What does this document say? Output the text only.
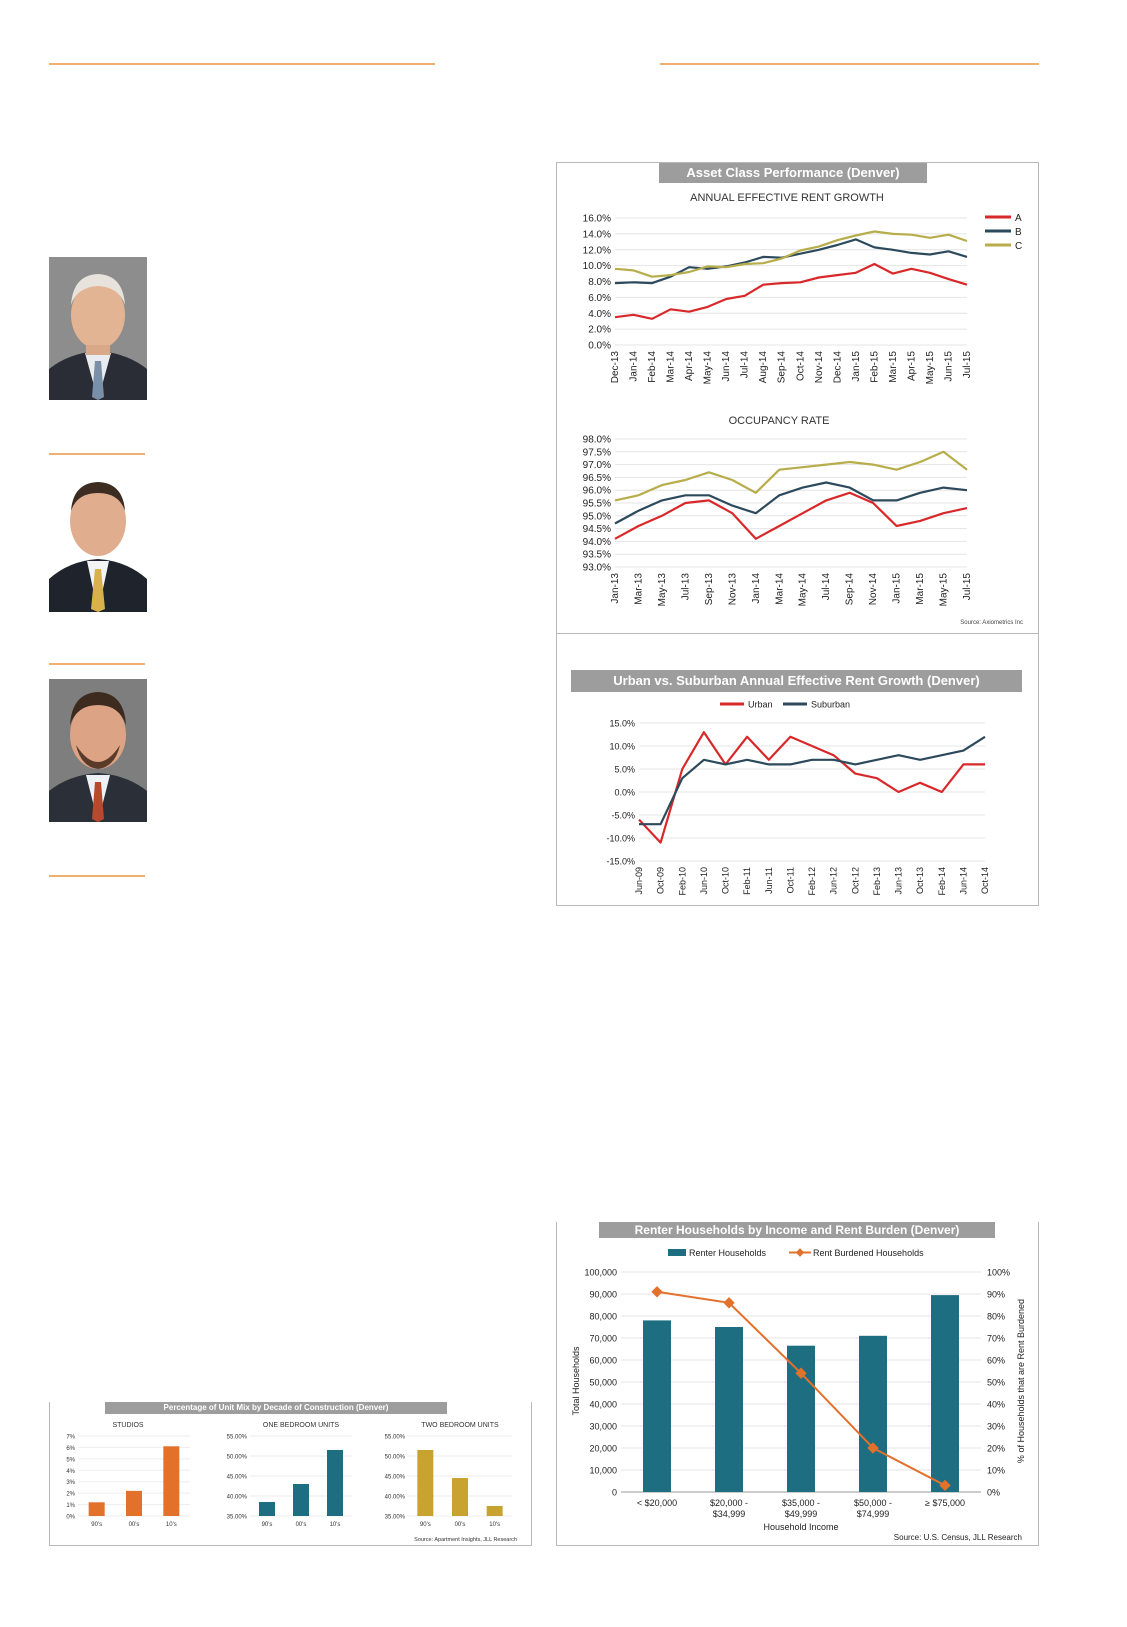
Asset Class Performance (Denver)
ANNUAL EFFECTIVE RENT GROWTH
0.0%
2.0%
4.0%
6.0%
8.0%
10.0%
12.0%
14.0%
16.0%
Dec-13 Jan-14 Feb-14 Mar-14 Apr-14 May-14 Jun-14 Jul-14 Aug-14 Sep-14 Oct-14 Nov-14 Dec-14 Jan-15 Feb-15 Mar-15 Apr-15 May-15 Jun-15 Jul-15
A
B
C
OCCUPANCY RATE
93.0%
93.5%
94.0%
94.5%
95.0%
95.5%
96.0%
96.5%
97.0%
97.5%
98.0%
Jan-13 Mar-13 May-13 Jul-13 Sep-13 Nov-13 Jan-14 Mar-14 May-14 Jul-14 Sep-14 Nov-14 Jan-15 Mar-15 May-15 Jul-15
Source: Axiometrics Inc
Urban vs. Suburban Annual Effective Rent Growth (Denver)
-15.0%
-10.0%
-5.0%
0.0%
5.0%
10.0%
15.0%
Jun-09 Oct-09 Feb-10 Jun-10 Oct-10 Feb-11 Jun-11 Oct-11 Feb-12 Jun-12 Oct-12 Feb-13 Jun-13 Oct-13 Feb-14 Jun-14 Oct-14
Urban	Suburban
Renter Households by Income and Rent Burden (Denver)
0
10,000
20,000
30,000
40,000
50,000
60,000
70,000
80,000
90,000
100,000
0%
10%
20%
30%
40%
50%
60%
70%
80%
90%
100%
< $20,000	$20,000 -
$34,999
$35,000 -
$49,999
$50,000 -
$74,999
≥ $75,000
Household Income
Total Households	% of Households that are Rent Burdened
Renter Households	Rent Burdened Households
Source: U.S. Census, JLL Research
Percentage of Unit Mix by Decade of Construction (Denver)
STUDIOS
0%
1%
2%
3%
4%
5%
6%
7%
90's	00's	10's
ONE BEDROOM UNITS
35.00%
40.00%
45.00%
50.00%
55.00%
90's	00's	10's
TWO BEDROOM UNITS
35.00%
40.00%
45.00%
50.00%
55.00%
90's	00's	10's
Source: Apartment Insights, JLL Research
